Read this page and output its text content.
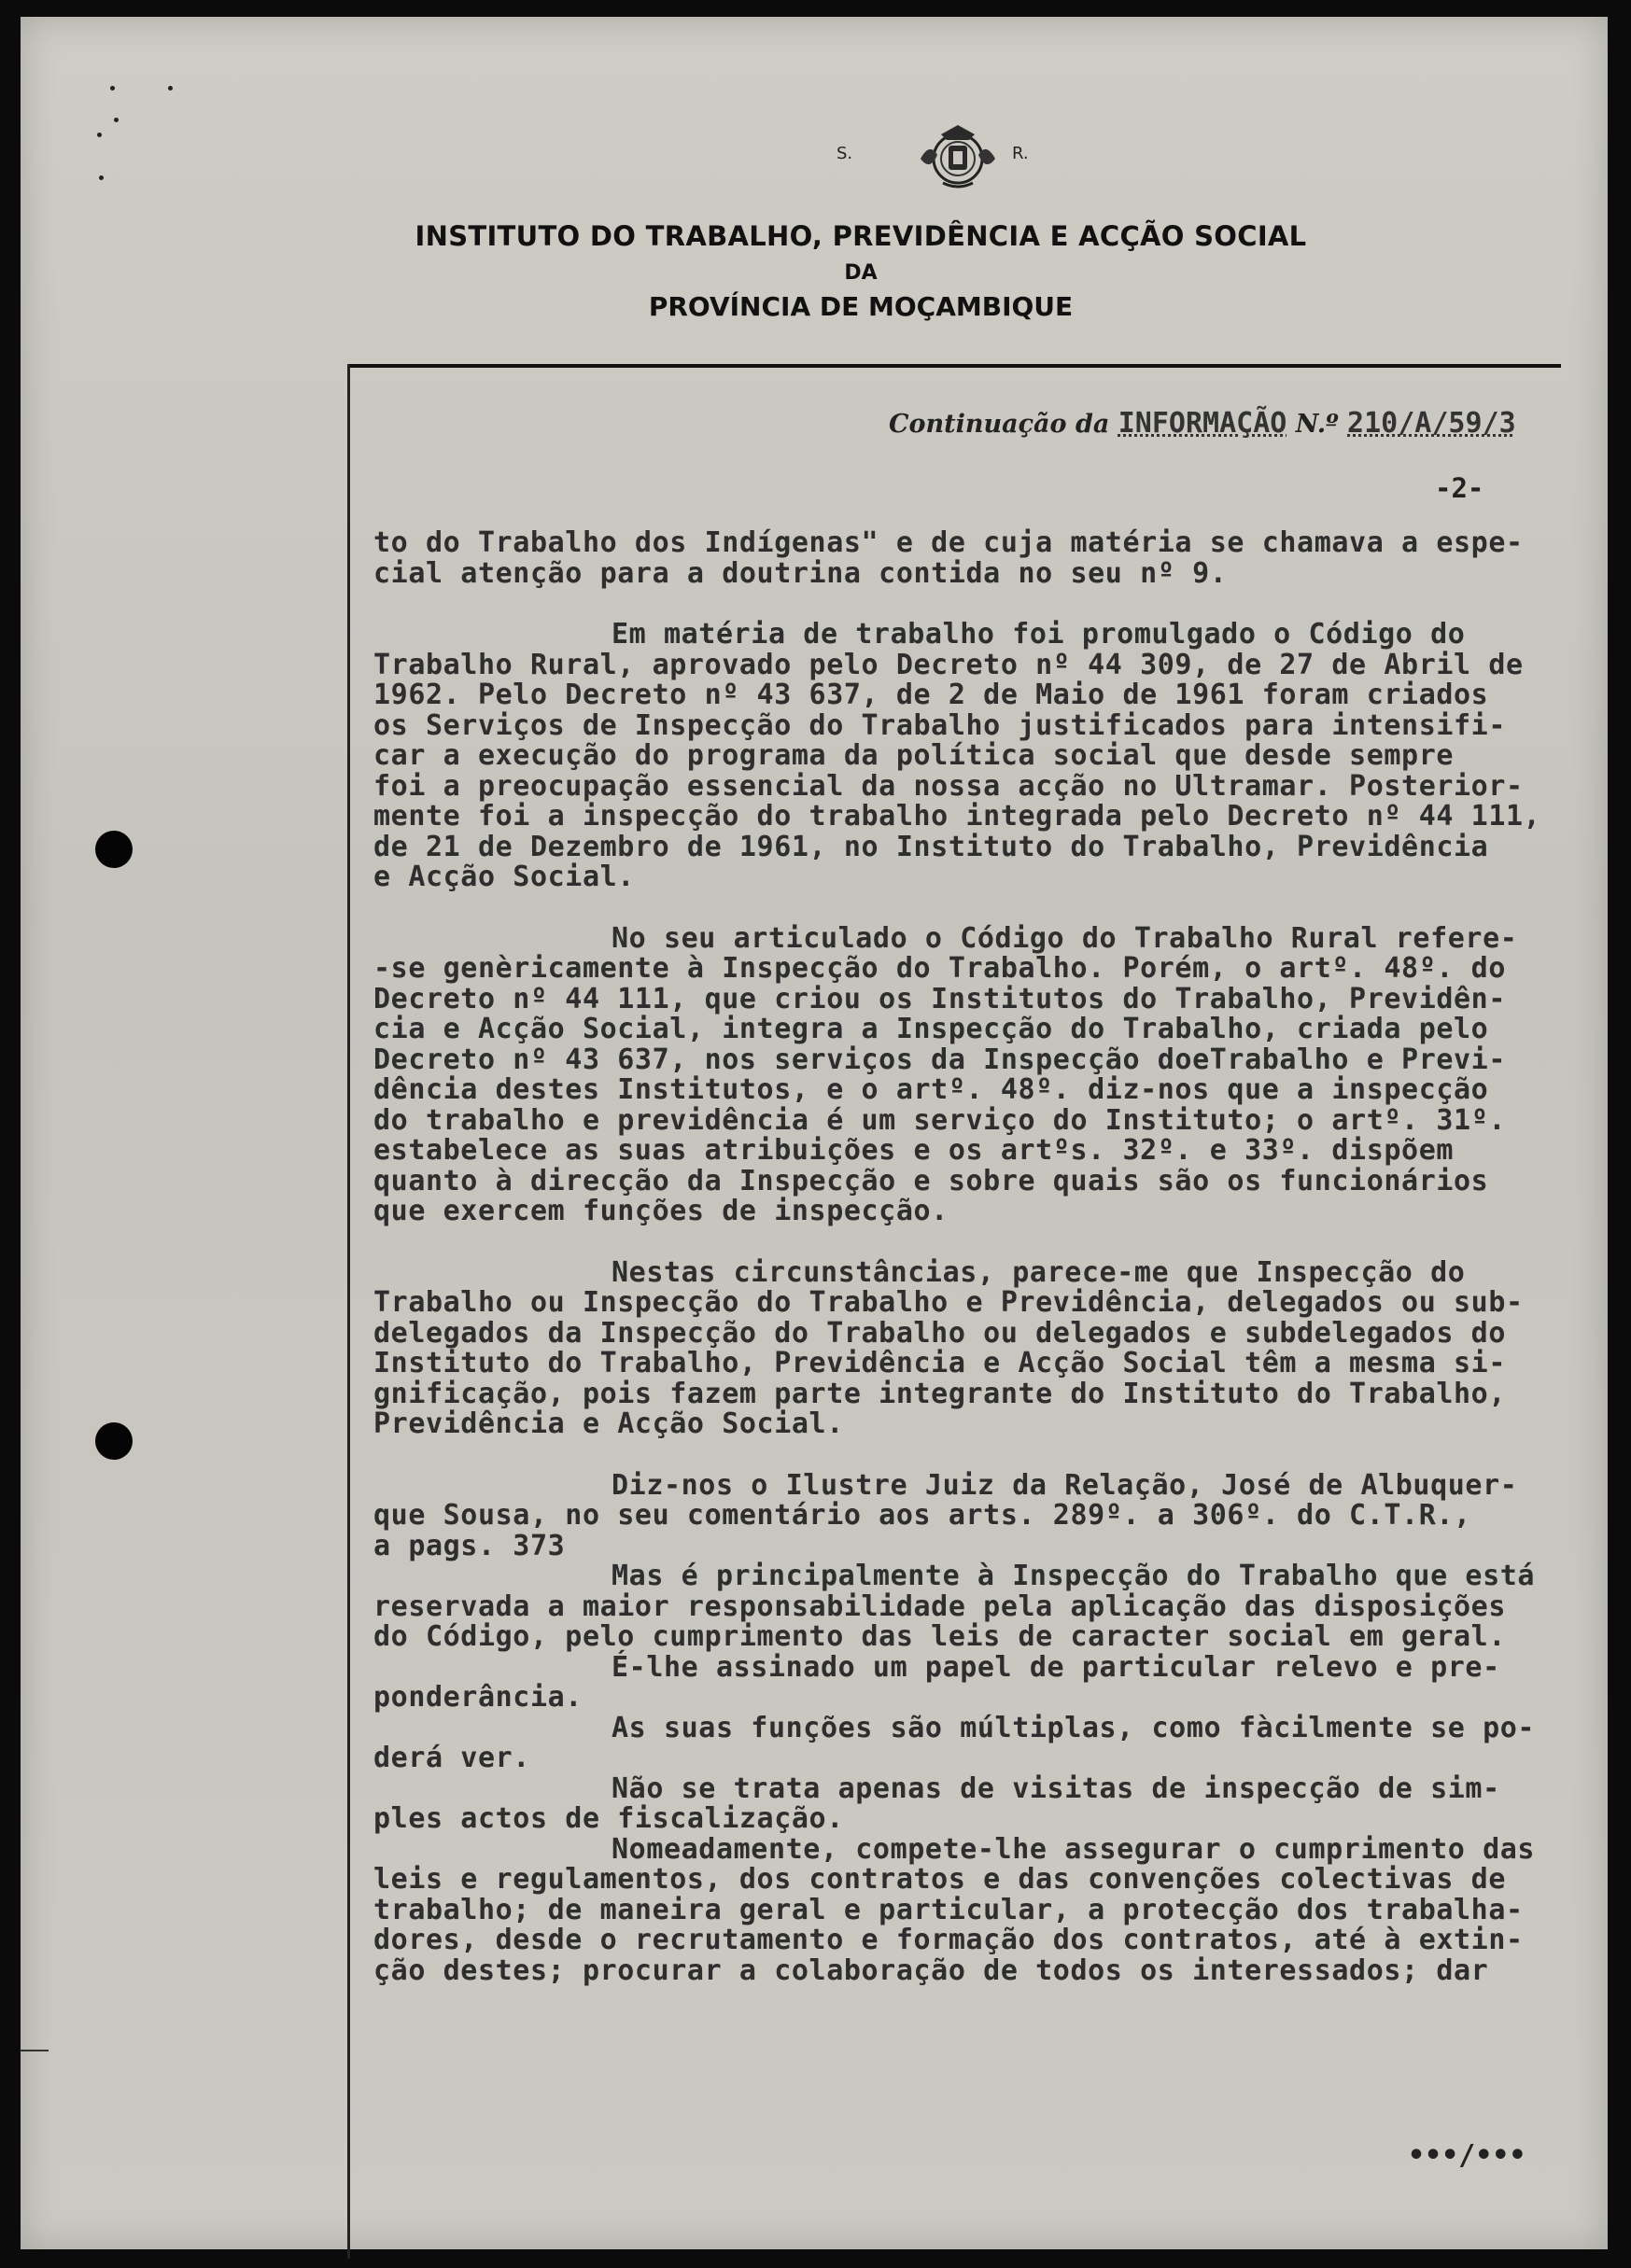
S.	R.
INSTITUTO DO TRABALHO, PREVIDÊNCIA E ACÇÃO SOCIAL
DA
PROVÍNCIA DE MOÇAMBIQUE
Continuação da INFORMAÇÃO N.º 210/A/59/3
-2-

to do Trabalho dos Indígenas" e de cuja matéria se chamava a espe-
cial atenção para a doutrina contida no seu nº 9.

Em matéria de trabalho foi promulgado o Código do
Trabalho Rural, aprovado pelo Decreto nº 44 309, de 27 de Abril de
1962. Pelo Decreto nº 43 637, de 2 de Maio de 1961 foram criados
os Serviços de Inspecção do Trabalho justificados para intensifi-
car a execução do programa da política social que desde sempre
foi a preocupação essencial da nossa acção no Ultramar. Posterior-
mente foi a inspecção do trabalho integrada pelo Decreto nº 44 111,
de 21 de Dezembro de 1961, no Instituto do Trabalho, Previdência
e Acção Social.

No seu articulado o Código do Trabalho Rural refere-
-se genèricamente à Inspecção do Trabalho. Porém, o artº. 48º. do
Decreto nº 44 111, que criou os Institutos do Trabalho, Previdên-
cia e Acção Social, integra a Inspecção do Trabalho, criada pelo
Decreto nº 43 637, nos serviços da Inspecção doeTrabalho e Previ-
dência destes Institutos, e o artº. 48º. diz-nos que a inspecção
do trabalho e previdência é um serviço do Instituto; o artº. 31º.
estabelece as suas atribuições e os artºs. 32º. e 33º. dispõem
quanto à direcção da Inspecção e sobre quais são os funcionários
que exercem funções de inspecção.

Nestas circunstâncias, parece-me que Inspecção do
Trabalho ou Inspecção do Trabalho e Previdência, delegados ou sub-
delegados da Inspecção do Trabalho ou delegados e subdelegados do
Instituto do Trabalho, Previdência e Acção Social têm a mesma si-
gnificação, pois fazem parte integrante do Instituto do Trabalho,
Previdência e Acção Social.

Diz-nos o Ilustre Juiz da Relação, José de Albuquer-
que Sousa, no seu comentário aos arts. 289º. a 306º. do C.T.R.,
a pags. 373

Mas é principalmente à Inspecção do Trabalho que está
reservada a maior responsabilidade pela aplicação das disposições
do Código, pelo cumprimento das leis de caracter social em geral.

É-lhe assinado um papel de particular relevo e pre-
ponderância.

As suas funções são múltiplas, como fàcilmente se po-
derá ver.

Não se trata apenas de visitas de inspecção de sim-
ples actos de fiscalização.

Nomeadamente, compete-lhe assegurar o cumprimento das
leis e regulamentos, dos contratos e das convenções colectivas de
trabalho; de maneira geral e particular, a protecção dos trabalha-
dores, desde o recrutamento e formação dos contratos, até à extin-
ção destes; procurar a colaboração de todos os interessados; dar

•••/•••
